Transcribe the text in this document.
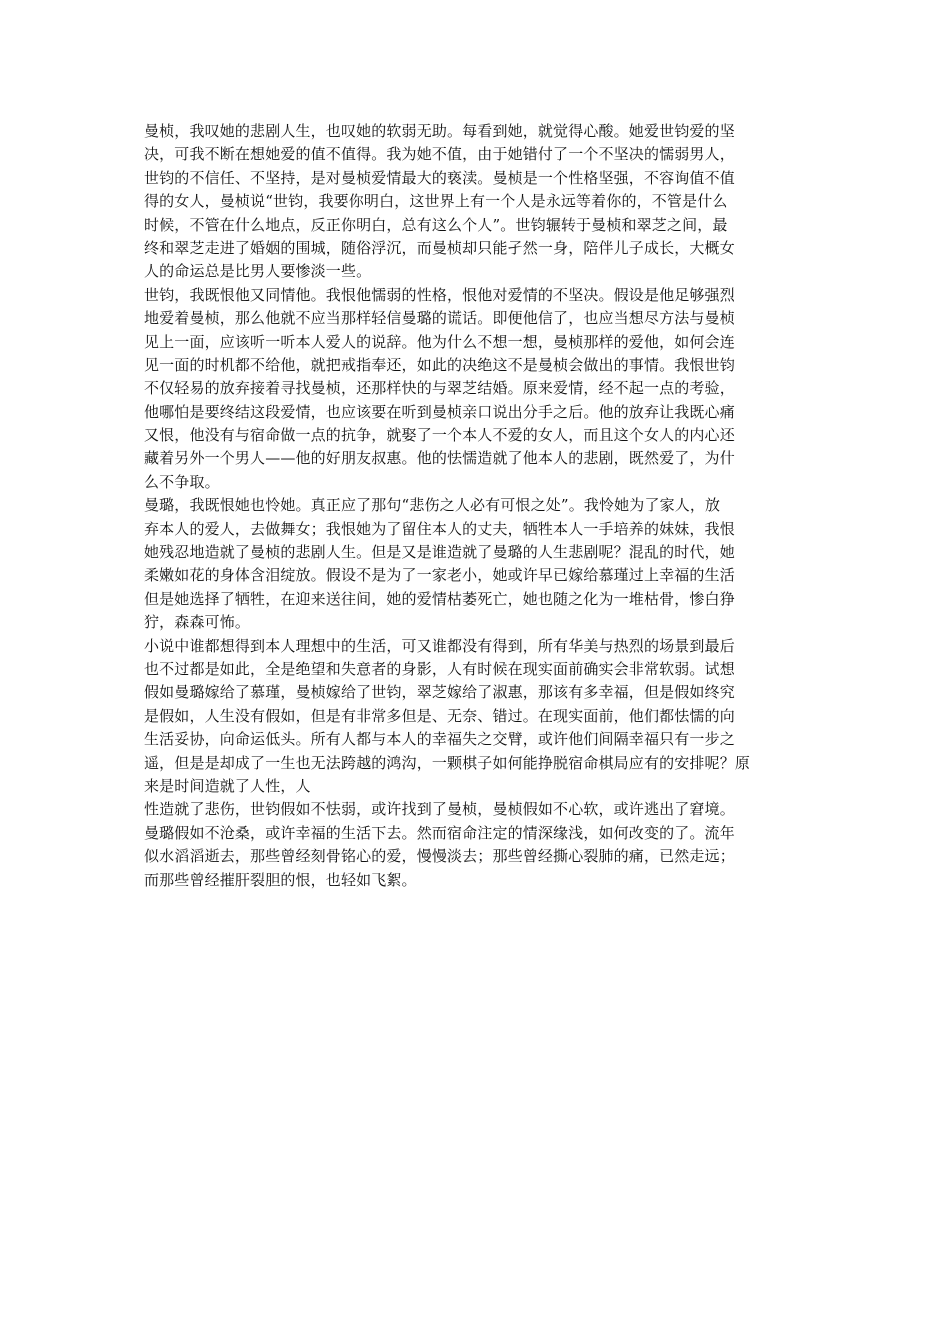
曼桢，我叹她的悲剧人生，也叹她的软弱无助。每看到她，就觉得心酸。她爱世钧爱的坚
决，可我不断在想她爱的值不值得。我为她不值，由于她错付了一个不坚决的懦弱男人，
世钧的不信任、不坚持，是对曼桢爱情最大的亵渎。曼桢是一个性格坚强，不容询值不值
得的女人，曼桢说“世钧，我要你明白，这世界上有一个人是永远等着你的，不管是什么
时候，不管在什么地点，反正你明白，总有这么个人”。世钧辗转于曼桢和翠芝之间，最
终和翠芝走进了婚姻的围城，随俗浮沉，而曼桢却只能孑然一身，陪伴儿子成长，大概女
人的命运总是比男人要惨淡一些。
世钧，我既恨他又同情他。我恨他懦弱的性格，恨他对爱情的不坚决。假设是他足够强烈
地爱着曼桢，那么他就不应当那样轻信曼璐的谎话。即便他信了，也应当想尽方法与曼桢
见上一面，应该听一听本人爱人的说辞。他为什么不想一想，曼桢那样的爱他，如何会连
见一面的时机都不给他，就把戒指奉还，如此的决绝这不是曼桢会做出的事情。我恨世钧
不仅轻易的放弃接着寻找曼桢，还那样快的与翠芝结婚。原来爱情，经不起一点的考验，
他哪怕是要终结这段爱情，也应该要在听到曼桢亲口说出分手之后。他的放弃让我既心痛
又恨，他没有与宿命做一点的抗争，就娶了一个本人不爱的女人，而且这个女人的内心还
藏着另外一个男人——他的好朋友叔惠。他的怯懦造就了他本人的悲剧，既然爱了，为什
么不争取。
曼璐，我既恨她也怜她。真正应了那句“悲伤之人必有可恨之处”。我怜她为了家人，放
弃本人的爱人，去做舞女；我恨她为了留住本人的丈夫，牺牲本人一手培养的妹妹，我恨
她残忍地造就了曼桢的悲剧人生。但是又是谁造就了曼璐的人生悲剧呢？混乱的时代，她
柔嫩如花的身体含泪绽放。假设不是为了一家老小，她或许早已嫁给慕瑾过上幸福的生活
但是她选择了牺牲，在迎来送往间，她的爱情枯萎死亡，她也随之化为一堆枯骨，惨白狰
狞，森森可怖。
小说中谁都想得到本人理想中的生活，可又谁都没有得到，所有华美与热烈的场景到最后
也不过都是如此，全是绝望和失意者的身影，人有时候在现实面前确实会非常软弱。试想
假如曼璐嫁给了慕瑾，曼桢嫁给了世钧，翠芝嫁给了淑惠，那该有多幸福，但是假如终究
是假如，人生没有假如，但是有非常多但是、无奈、错过。在现实面前，他们都怯懦的向
生活妥协，向命运低头。所有人都与本人的幸福失之交臂，或许他们间隔幸福只有一步之
遥，但是是却成了一生也无法跨越的鸿沟，一颗棋子如何能挣脱宿命棋局应有的安排呢？原
来是时间造就了人性，人
性造就了悲伤，世钧假如不怯弱，或许找到了曼桢，曼桢假如不心软，或许逃出了窘境。
曼璐假如不沧桑，或许幸福的生活下去。然而宿命注定的情深缘浅，如何改变的了。流年
似水滔滔逝去，那些曾经刻骨铭心的爱，慢慢淡去；那些曾经撕心裂肺的痛，已然走远；
而那些曾经摧肝裂胆的恨，也轻如飞絮。
